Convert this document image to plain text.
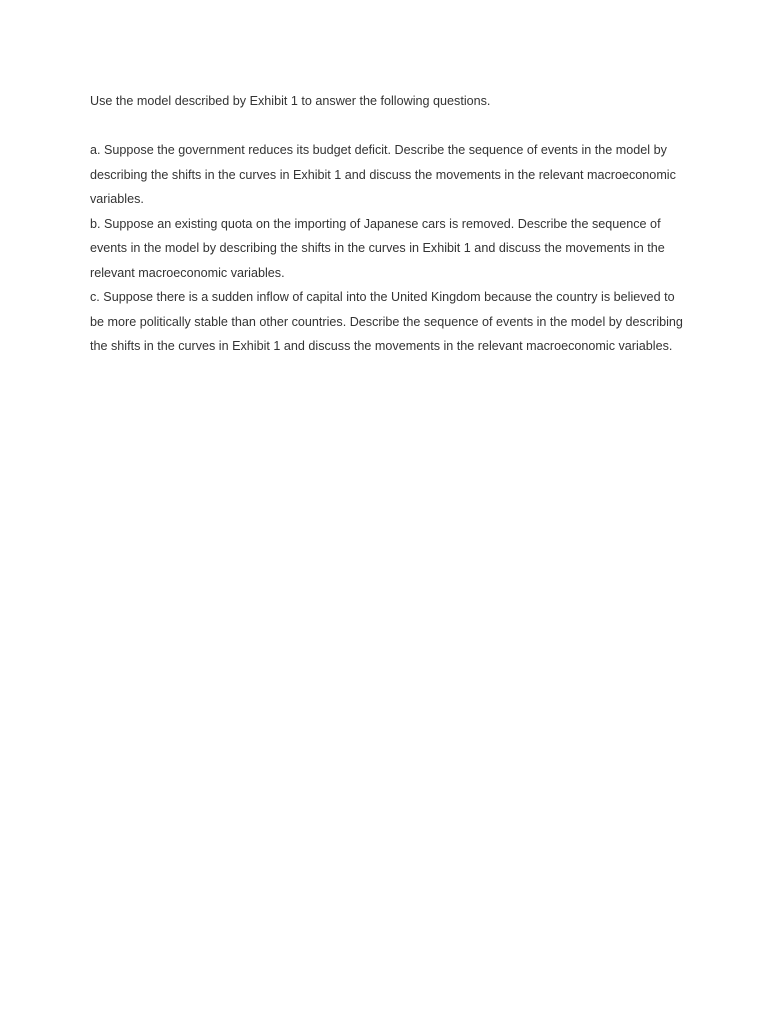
Use the model described by Exhibit 1 to answer the following questions.

a. Suppose the government reduces its budget deficit. Describe the sequence of events in the model by describing the shifts in the curves in Exhibit 1 and discuss the movements in the relevant macroeconomic variables.

b. Suppose an existing quota on the importing of Japanese cars is removed. Describe the sequence of events in the model by describing the shifts in the curves in Exhibit 1 and discuss the movements in the relevant macroeconomic variables.

c. Suppose there is a sudden inflow of capital into the United Kingdom because the country is believed to be more politically stable than other countries. Describe the sequence of events in the model by describing the shifts in the curves in Exhibit 1 and discuss the movements in the relevant macroeconomic variables.
